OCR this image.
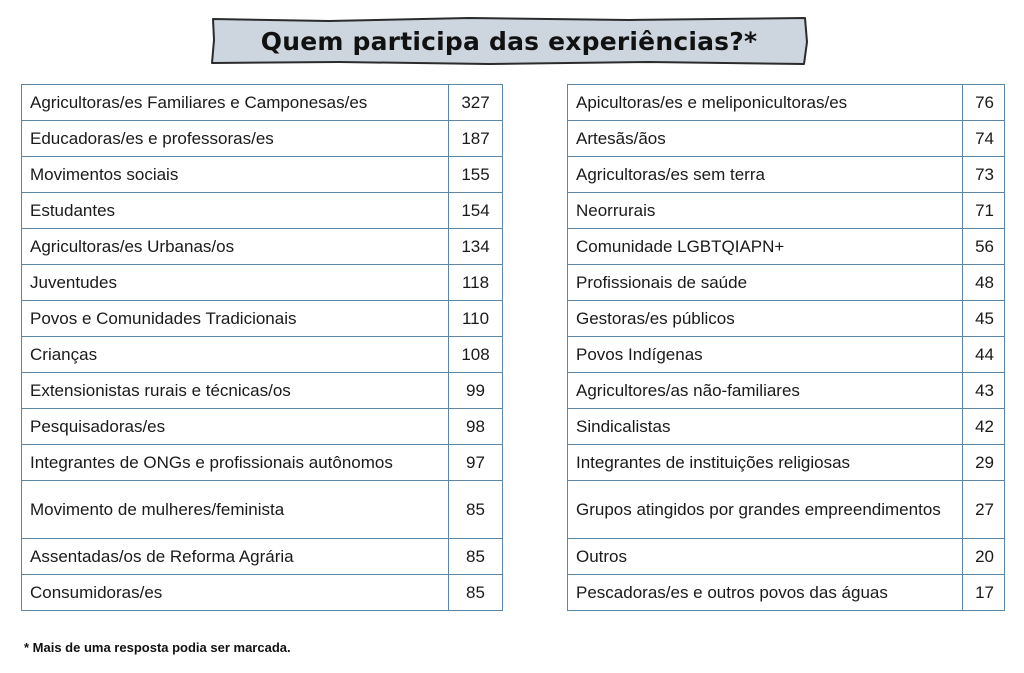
Quem participa das experiências?*
Agricultoras/es Familiares e Camponesas/es	327
Educadoras/es e professoras/es	187
Movimentos sociais	155
Estudantes	154
Agricultoras/es Urbanas/os	134
Juventudes	118
Povos e Comunidades Tradicionais	110
Crianças	108
Extensionistas rurais e técnicas/os	99
Pesquisadoras/es	98
Integrantes de ONGs e profissionais autônomos	97
Movimento de mulheres/feminista	85
Assentadas/os de Reforma Agrária	85
Consumidoras/es	85
Apicultoras/es e meliponicultoras/es	76
Artesãs/ãos	74
Agricultoras/es sem terra	73
Neorrurais	71
Comunidade LGBTQIAPN+	56
Profissionais de saúde	48
Gestoras/es públicos	45
Povos Indígenas	44
Agricultores/as não-familiares	43
Sindicalistas	42
Integrantes de instituições religiosas	29
Grupos atingidos por grandes empreendimentos	27
Outros	20
Pescadoras/es e outros povos das águas	17
* Mais de uma resposta podia ser marcada.
